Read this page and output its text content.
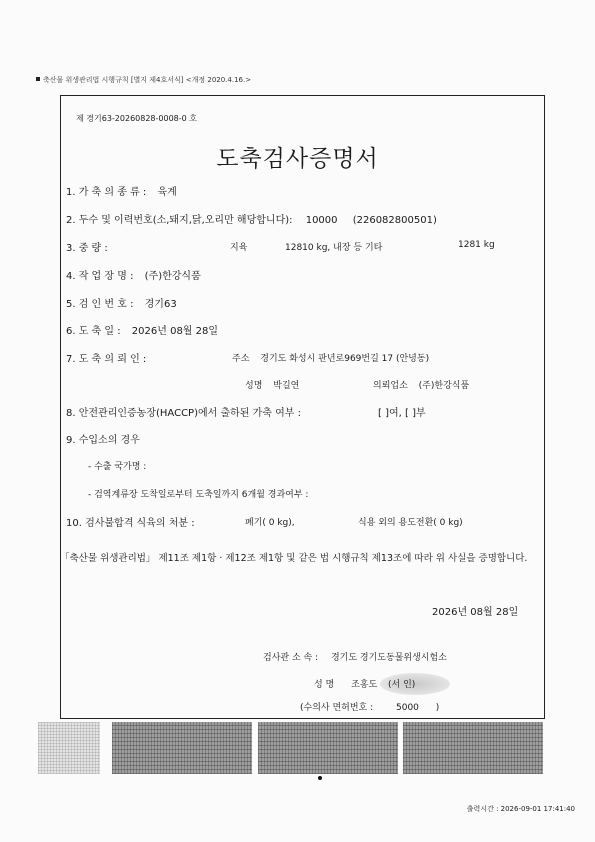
축산물 위생관리법 시행규칙 [별지 제4호서식] <개정 2020.4.16.>
제 경기63-20260828-0008-0 호
도축검사증명서
1. 가 축 의 종 류 : 육계
2. 두수 및 이력번호(소,돼지,닭,오리만 해당합니다): 10000 (226082800501)
3. 중 량 :	지육	12810 kg, 내장 등 기타	1281 kg
4. 작 업 장 명 : (주)한강식품
5. 검 인 번 호 : 경기63
6. 도 축 일 : 2026년 08월 28일
7. 도 축 의 뢰 인 :	주소 경기도 화성시 판년로969번길 17 (안녕동)
성명 박길연	의뢰업소 (주)한강식품
8. 안전관리인증농장(HACCP)에서 출하된 가축 여부 :	[ ]여, [ ]부
9. 수입소의 경우
- 수출 국가명 :
- 검역계류장 도착일로부터 도축일까지 6개월 경과여부 :
10. 검사불합격 식육의 처분 :	폐기( 0 kg),	식용 외의 용도전환( 0 kg)
「축산물 위생관리법」 제11조 제1항 · 제12조 제1항 및 같은 법 시행규칙 제13조에 따라 위 사실을 증명합니다.
2026년 08월 28일
검사관 소 속 : 경기도 경기도동물위생시험소
성 명 조홍도 (서 인)
(수의사 면허번호 :	5000 )
출력시간 : 2026-09-01 17:41:40
